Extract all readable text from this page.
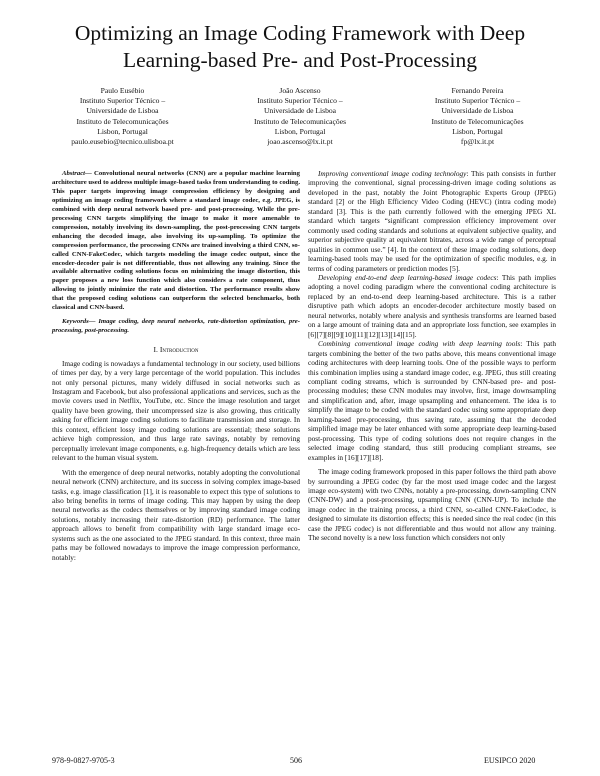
Optimizing an Image Coding Framework with Deep Learning-based Pre- and Post-Processing
Paulo Eusébio
Instituto Superior Técnico –
Universidade de Lisboa
Instituto de Telecomunicações
Lisbon, Portugal
paulo.eusebio@tecnico.ulisboa.pt
João Ascenso
Instituto Superior Técnico –
Universidade de Lisboa
Instituto de Telecomunicações
Lisbon, Portugal
joao.ascenso@lx.it.pt
Fernando Pereira
Instituto Superior Técnico –
Universidade de Lisboa
Instituto de Telecomunicações
Lisbon, Portugal
fp@lx.it.pt

Abstract— Convolutional neural networks (CNN) are a popular machine learning architecture used to address multiple image-based tasks from understanding to coding. This paper targets improving image compression efficiency by designing and optimizing an image coding framework where a standard image codec, e.g. JPEG, is combined with deep neural network based pre- and post-processing. While the pre-processing CNN targets simplifying the image to make it more amenable to compression, notably involving its down-sampling, the post-processing CNN targets enhancing the decoded image, also involving its up-sampling. To optimize the compression performance, the processing CNNs are trained involving a third CNN, so-called CNN-FakeCodec, which targets modeling the image codec output, since the encoder-decoder pair is not differentiable, thus not allowing any training. Since the available alternative coding solutions focus on minimizing the image distortion, this paper proposes a new loss function which also considers a rate component, thus allowing to jointly minimize the rate and distortion. The performance results show that the proposed coding solutions can outperform the selected benchmarks, both classical and CNN-based.

Keywords— Image coding, deep neural networks, rate-distortion optimization, pre-processing, post-processing.

I. Introduction

Image coding is nowadays a fundamental technology in our society, used billions of times per day, by a very large percentage of the world population. This includes not only personal pictures, many widely diffused in social networks such as Instagram and Facebook, but also professional applications and services, such as the movie covers used in Netflix, YouTube, etc. Since the image resolution and target quality have been growing, their uncompressed size is also growing, thus critically asking for efficient image coding solutions to facilitate transmission and storage. In this context, efficient lossy image coding solutions are essential; these solutions achieve high compression, and thus large rate savings, notably by removing perceptually irrelevant image components, e.g. high-frequency details which are less relevant to the human visual system.

With the emergence of deep neural networks, notably adopting the convolutional neural network (CNN) architecture, and its success in solving complex image-based tasks, e.g. image classification [1], it is reasonable to expect this type of solutions to also bring benefits in terms of image coding. This may happen by using the deep neural networks as the codecs themselves or by improving standard image coding solutions, notably increasing their rate-distortion (RD) performance. The latter approach allows to benefit from compatibility with large standard image eco-systems such as the one associated to the JPEG standard. In this context, three main paths may be followed nowadays to improve the image compression performance, notably:

Improving conventional image coding technology: This path consists in further improving the conventional, signal processing-driven image coding solutions as developed in the past, notably the Joint Photographic Experts Group (JPEG) standard [2] or the High Efficiency Video Coding (HEVC) (intra coding mode) standard [3]. This is the path currently followed with the emerging JPEG XL standard which targets “significant compression efficiency improvement over commonly used coding standards and solutions at equivalent subjective quality, and superior subjective quality at equivalent bitrates, across a wide range of perceptual qualities in common use.” [4]. In the context of these image coding solutions, deep learning-based tools may be used for the optimization of specific modules, e.g. in terms of coding parameters or prediction modes [5].

Developing end-to-end deep learning-based image codecs: This path implies adopting a novel coding paradigm where the conventional coding architecture is replaced by an end-to-end deep learning-based architecture. This is a rather disruptive path which adopts an encoder-decoder architecture mostly based on neural networks, notably where analysis and synthesis transforms are learned based on a large amount of training data and an appropriate loss function, see examples in [6][7][8][9][10][11][12][13][14][15].

Combining conventional image coding with deep learning tools: This path targets combining the better of the two paths above, this means conventional image coding architectures with deep learning tools. One of the possible ways to perform this combination implies using a standard image codec, e.g. JPEG, thus still creating compliant coding streams, which is surrounded by CNN-based pre- and post-processing modules; these CNN modules may involve, first, image downsampling and simplification and, after, image upsampling and enhancement. The idea is to simplify the image to be coded with the standard codec using some appropriate deep learning-based pre-processing, thus saving rate, assuming that the decoded simplified image may be later enhanced with some appropriate deep learning-based post-processing. This type of coding solutions does not require changes in the selected image coding standard, thus still producing compliant streams, see examples in [16][17][18].

The image coding framework proposed in this paper follows the third path above by surrounding a JPEG codec (by far the most used image codec and the largest image eco-system) with two CNNs, notably a pre-processing, down-sampling CNN (CNN-DW) and a post-processing, upsampling CNN (CNN-UP). To include the image codec in the training process, a third CNN, so-called CNN-FakeCodec, is designed to simulate its distortion effects; this is needed since the real codec (in this case the JPEG codec) is not differentiable and thus would not allow any training. The second novelty is a new loss function which considers not only

978-9-0827-9705-3	506	EUSIPCO 2020
